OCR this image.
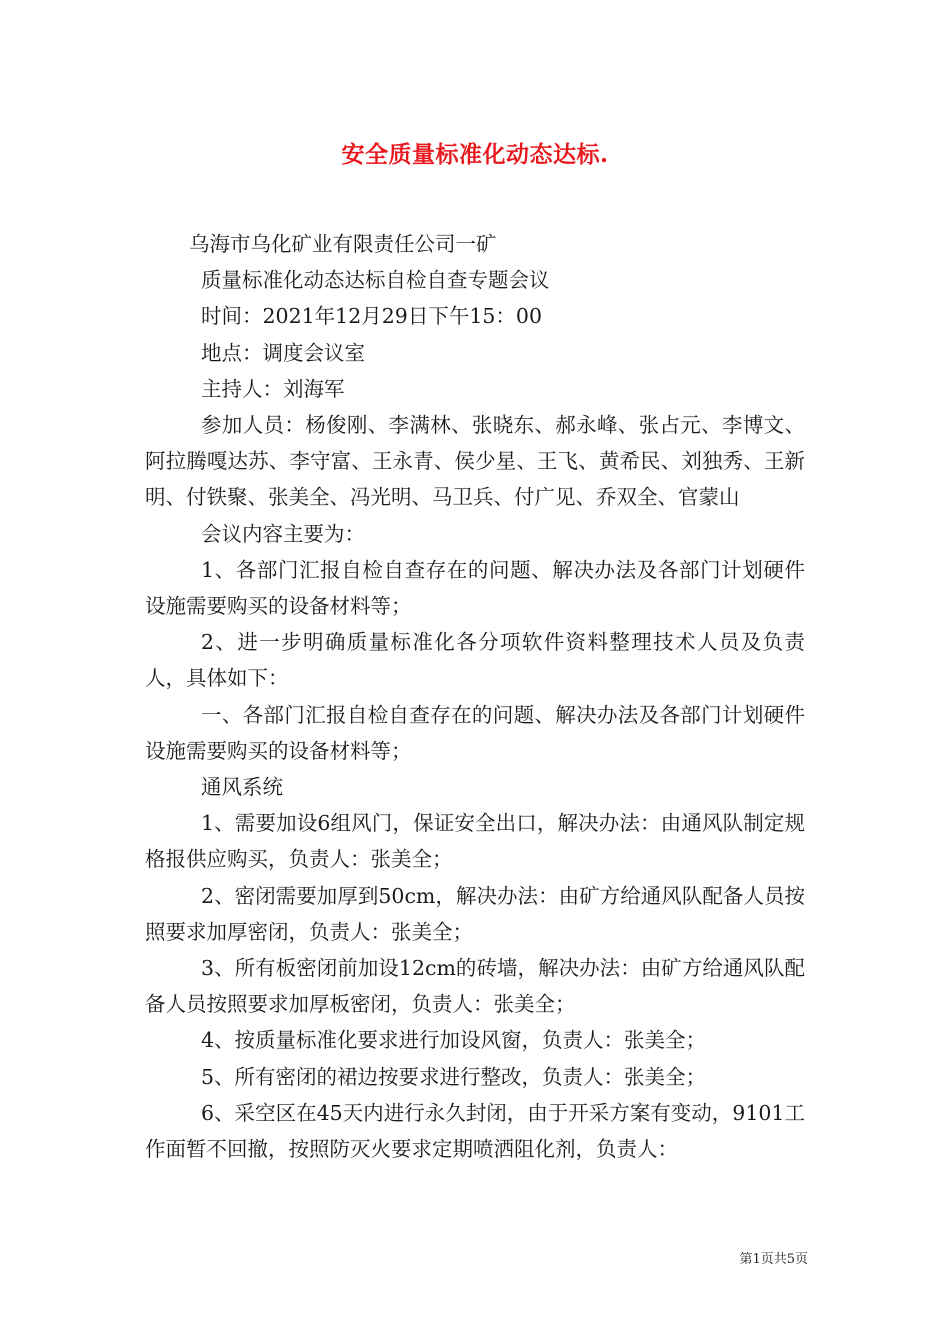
安全质量标准化动态达标.

乌海市乌化矿业有限责任公司一矿

质量标准化动态达标自检自查专题会议

时间：2021年12月29日下午15：00

地点：调度会议室

主持人：刘海军

参加人员：杨俊刚、李满林、张晓东、郝永峰、张占元、李博文、阿拉腾嘎达苏、李守富、王永青、侯少星、王飞、黄希民、刘独秀、王新明、付铁聚、张美全、冯光明、马卫兵、付广见、乔双全、官蒙山

会议内容主要为：

1、各部门汇报自检自查存在的问题、解决办法及各部门计划硬件设施需要购买的设备材料等；

2、进一步明确质量标准化各分项软件资料整理技术人员及负责人，具体如下：

一、各部门汇报自检自查存在的问题、解决办法及各部门计划硬件设施需要购买的设备材料等；

通风系统

1、需要加设6组风门，保证安全出口，解决办法：由通风队制定规格报供应购买，负责人：张美全；

2、密闭需要加厚到50cm，解决办法：由矿方给通风队配备人员按照要求加厚密闭，负责人：张美全；

3、所有板密闭前加设12cm的砖墙，解决办法：由矿方给通风队配备人员按照要求加厚板密闭，负责人：张美全；

4、按质量标准化要求进行加设风窗，负责人：张美全；

5、所有密闭的裙边按要求进行整改，负责人：张美全；

6、采空区在45天内进行永久封闭，由于开采方案有变动，9101工作面暂不回撤，按照防灭火要求定期喷洒阻化剂，负责人：

第1页共5页
